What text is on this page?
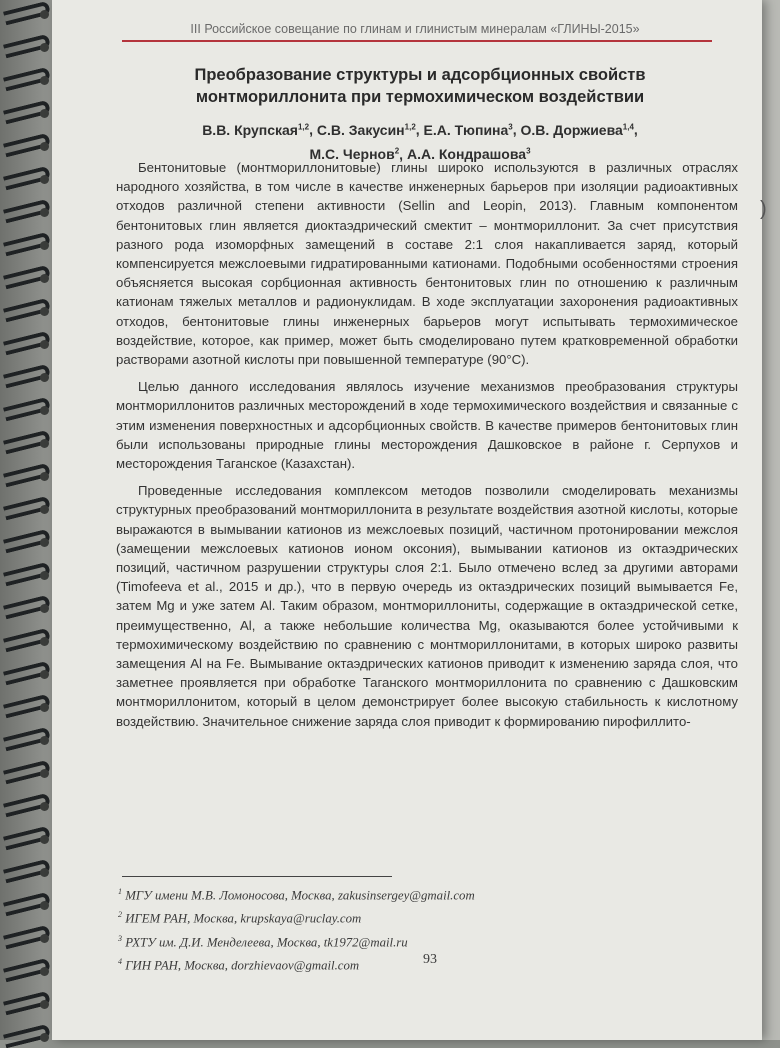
III Российское совещание по глинам и глинистым минералам «ГЛИНЫ-2015»
Преобразование структуры и адсорбционных свойств монтмориллонита при термохимическом воздействии
В.В. Крупская$^{1,2}$, С.В. Закусин$^{1,2}$, Е.А. Тюпина$^3$, О.В. Доржиева$^{1,4}$,
М.С. Чернов$^2$, А.А. Кондрашова$^3$

Бентонитовые (монтмориллонитовые) глины широко используются в различных отраслях народного хозяйства, в том числе в качестве инженерных барьеров при изоляции радиоактивных отходов различной степени активности (Sellin and Leopin, 2013). Главным компонентом бентонитовых глин является диоктаэдрический смектит – монтмориллонит. За счет присутствия разного рода изоморфных замещений в составе 2:1 слоя накапливается заряд, который компенсируется межслоевыми гидратированными катионами. Подобными особенностями строения объясняется высокая сорбционная активность бентонитовых глин по отношению к различным катионам тяжелых металлов и радионуклидам. В ходе эксплуатации захоронения радиоактивных отходов, бентонитовые глины инженерных барьеров могут испытывать термохимическое воздействие, которое, как пример, может быть смоделировано путем кратковременной обработки растворами азотной кислоты при повышенной температуре (90°С).

Целью данного исследования являлось изучение механизмов преобразования структуры монтмориллонитов различных месторождений в ходе термохимического воздействия и связанные с этим изменения поверхностных и адсорбционных свойств. В качестве примеров бентонитовых глин были использованы природные глины месторождения Дашковское в районе г. Серпухов и месторождения Таганское (Казахстан).

Проведенные исследования комплексом методов позволили смоделировать механизмы структурных преобразований монтмориллонита в результате воздействия азотной кислоты, которые выражаются в вымывании катионов из межслоевых позиций, частичном протонировании межслоя (замещении межслоевых катионов ионом оксония), вымывании катионов из октаэдрических позиций, частичном разрушении структуры слоя 2:1. Было отмечено вслед за другими авторами (Timofeeva et al., 2015 и др.), что в первую очередь из октаэдрических позиций вымывается Fe, затем Mg и уже затем Al. Таким образом, монтмориллониты, содержащие в октаэдрической сетке, преимущественно, Al, а также небольшие количества Mg, оказываются более устойчивыми к термохимическому воздействию по сравнению с монтмориллонитами, в которых широко развиты замещения Al на Fe. Вымывание октаэдрических катионов приводит к изменению заряда слоя, что заметнее проявляется при обработке Таганского монтмориллонита по сравнению с Дашковским монтмориллонитом, который в целом демонстрирует более высокую стабильность к кислотному воздействию. Значительное снижение заряда слоя приводит к формированию пирофиллито-

$^1$ МГУ имени М.В. Ломоносова, Москва, zakusinsergey@gmail.com
$^2$ ИГЕМ РАН, Москва, krupskaya@ruclay.com
$^3$ РХТУ им. Д.И. Менделеева, Москва, tk1972@mail.ru
$^4$ ГИН РАН, Москва, dorzhievaov@gmail.com	93
)
